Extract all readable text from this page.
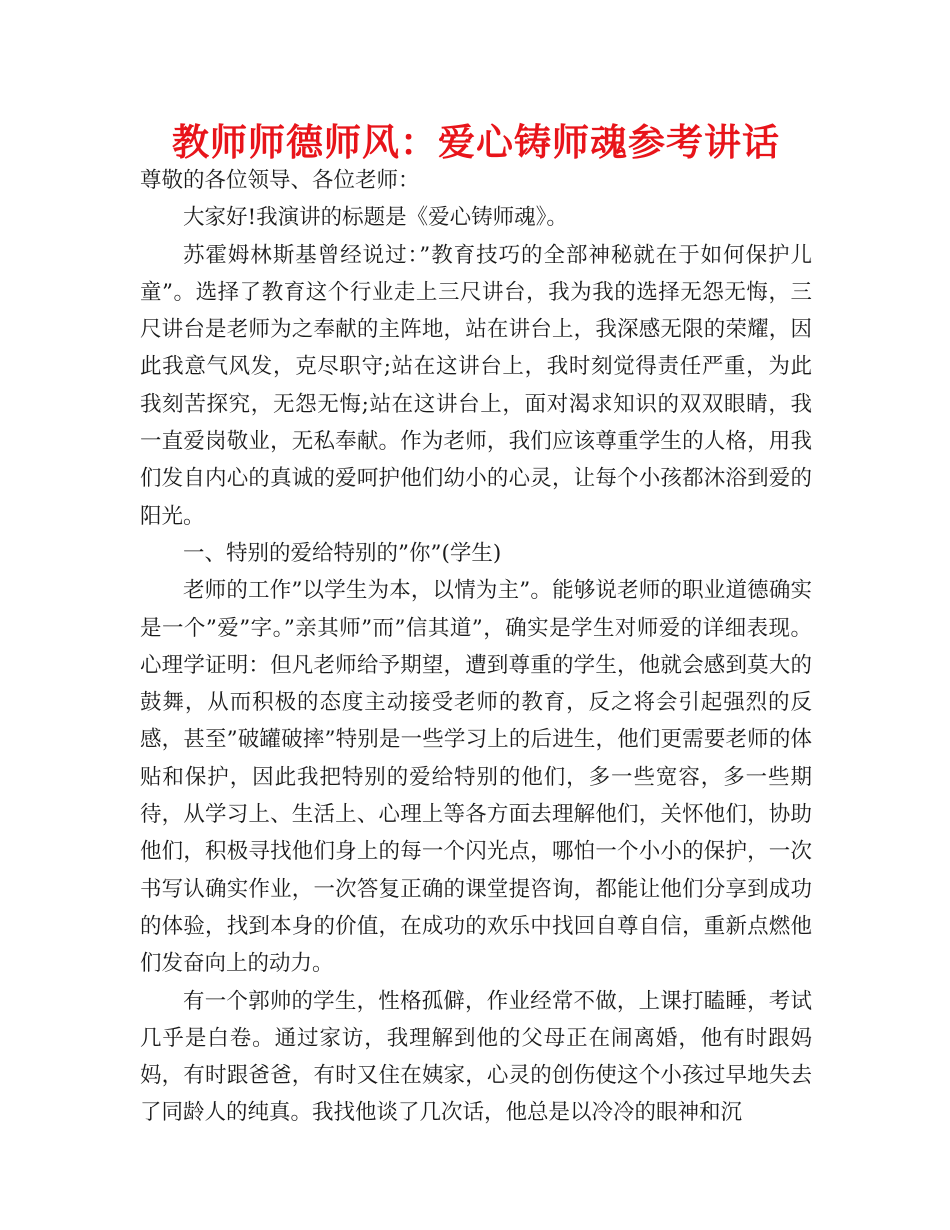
教师师德师风：爱心铸师魂参考讲话

尊敬的各位领导、各位老师：

大家好!我演讲的标题是《爱心铸师魂》。

苏霍姆林斯基曾经说过：”教育技巧的全部神秘就在于如何保护儿童”。选择了教育这个行业走上三尺讲台，我为我的选择无怨无悔，三尺讲台是老师为之奉献的主阵地，站在讲台上，我深感无限的荣耀，因此我意气风发，克尽职守;站在这讲台上，我时刻觉得责任严重，为此我刻苦探究，无怨无悔;站在这讲台上，面对渴求知识的双双眼睛，我一直爱岗敬业，无私奉献。作为老师，我们应该尊重学生的人格，用我们发自内心的真诚的爱呵护他们幼小的心灵，让每个小孩都沐浴到爱的阳光。

一、特别的爱给特别的”你”(学生)

老师的工作”以学生为本，以情为主”。能够说老师的职业道德确实是一个”爱”字。”亲其师”而”信其道”，确实是学生对师爱的详细表现。心理学证明：但凡老师给予期望，遭到尊重的学生，他就会感到莫大的鼓舞，从而积极的态度主动接受老师的教育，反之将会引起强烈的反感，甚至”破罐破摔”特别是一些学习上的后进生，他们更需要老师的体贴和保护，因此我把特别的爱给特别的他们，多一些宽容，多一些期待，从学习上、生活上、心理上等各方面去理解他们，关怀他们，协助他们，积极寻找他们身上的每一个闪光点，哪怕一个小小的保护，一次书写认确实作业，一次答复正确的课堂提咨询，都能让他们分享到成功的体验，找到本身的价值，在成功的欢乐中找回自尊自信，重新点燃他们发奋向上的动力。

有一个郭帅的学生，性格孤僻，作业经常不做，上课打瞌睡，考试几乎是白卷。通过家访，我理解到他的父母正在闹离婚，他有时跟妈妈，有时跟爸爸，有时又住在姨家，心灵的创伤使这个小孩过早地失去了同龄人的纯真。我找他谈了几次话，他总是以冷冷的眼神和沉
